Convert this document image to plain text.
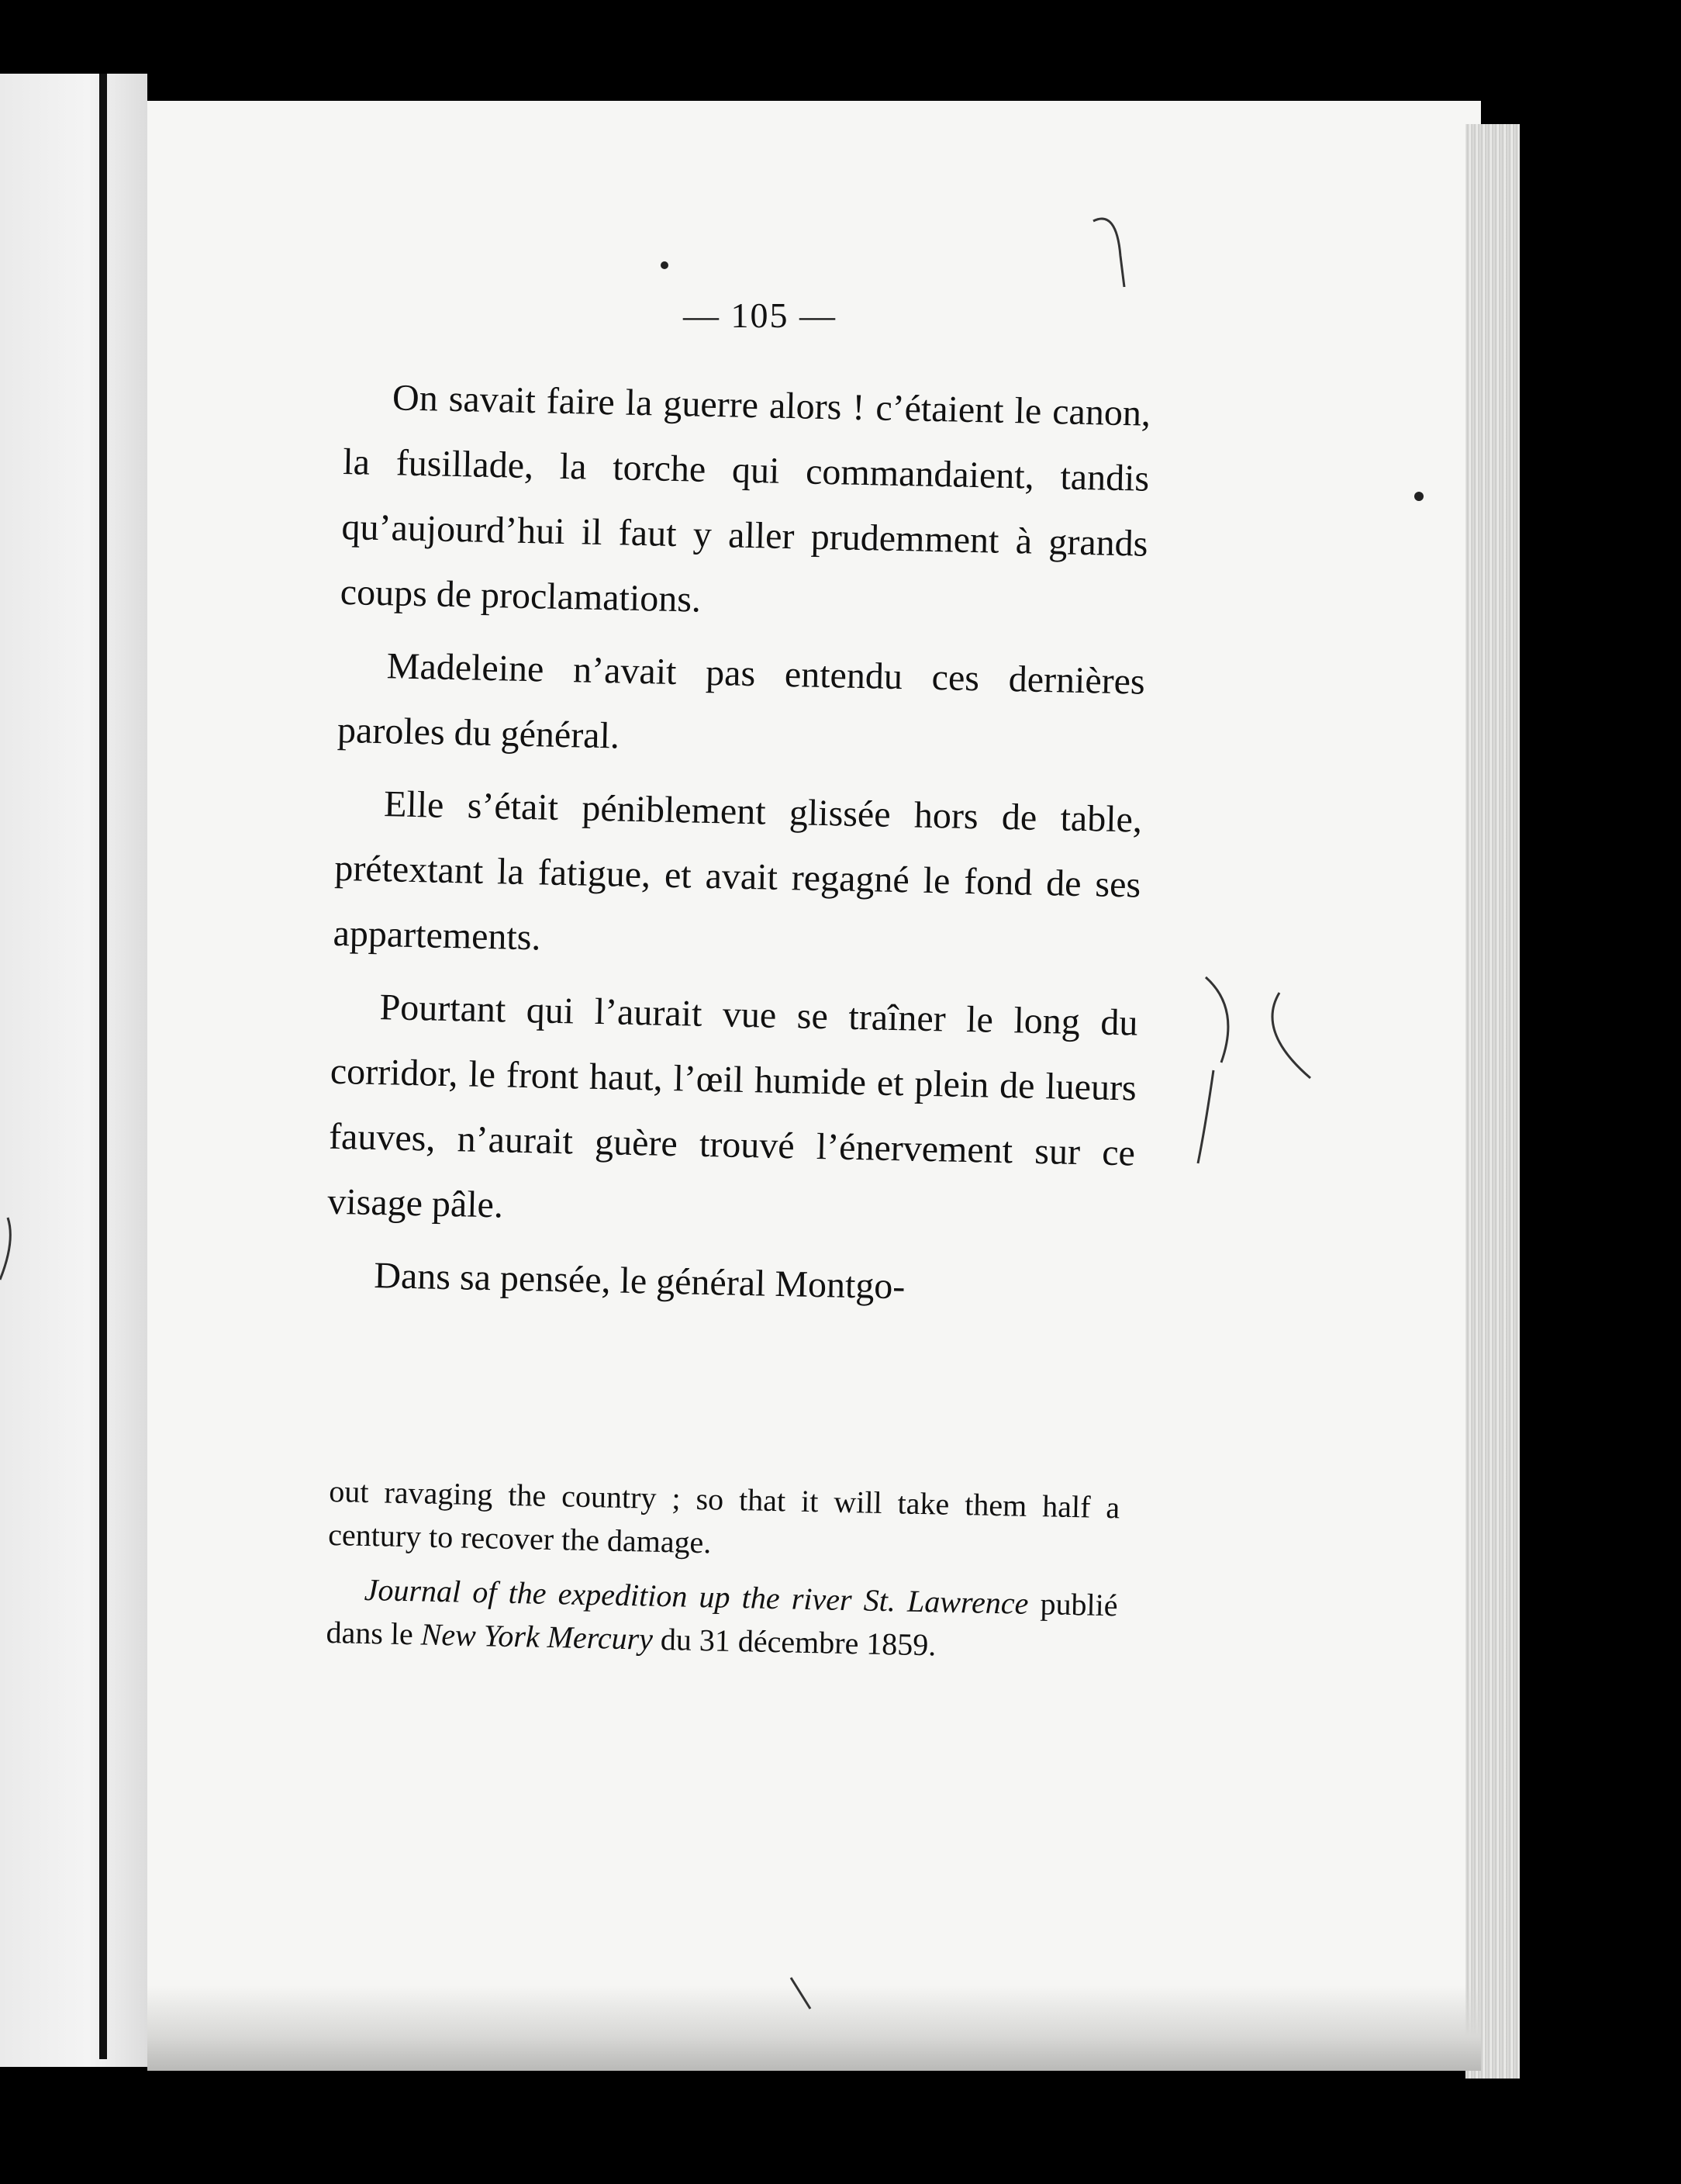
— 105 —

On savait faire la guerre alors ! c’étaient le canon, la fusillade, la torche qui commandaient, tandis qu’aujourd’hui il faut y aller prudemment à grands coups de proclamations.

Madeleine n’avait pas entendu ces dernières paroles du général.

Elle s’était péniblement glissée hors de table, prétextant la fatigue, et avait regagné le fond de ses appartements.

Pourtant qui l’aurait vue se traîner le long du corridor, le front haut, l’œil humide et plein de lueurs fauves, n’aurait guère trouvé l’énervement sur ce visage pâle.

Dans sa pensée, le général Montgo-

out ravaging the country ; so that it will take them half a century to recover the damage.

Journal of the expedition up the river St. Lawrence publié dans le New York Mercury du 31 décembre 1859.
